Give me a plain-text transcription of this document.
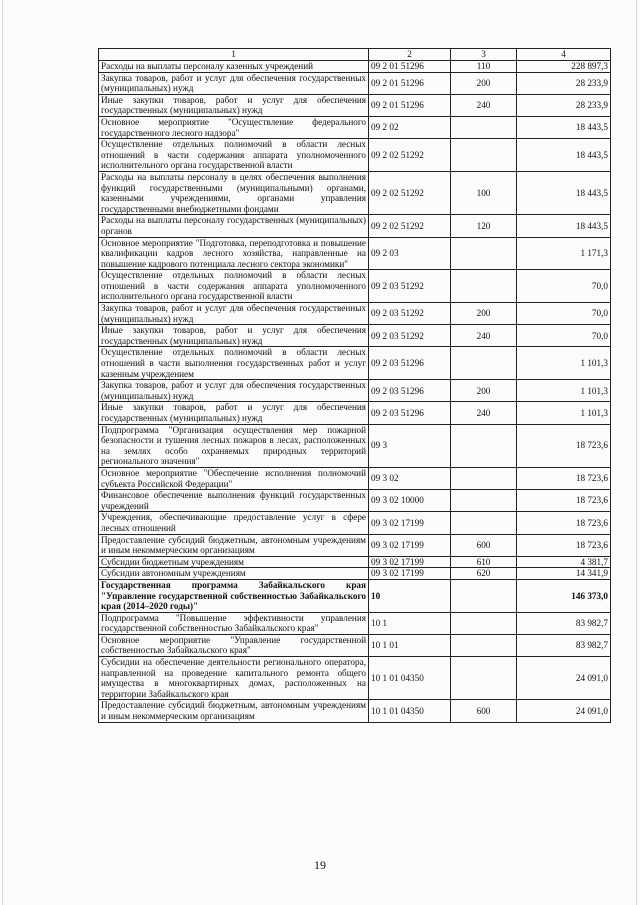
1	2	3	4
Расходы на выплаты персоналу казенных учреждений	09 2 01 51296	110	228 897,3
Закупка товаров, работ и услуг для обеспечения государственных (муниципальных) нужд	09 2 01 51296	200	28 233,9
Иные закупки товаров, работ и услуг для обеспечения государственных (муниципальных) нужд	09 2 01 51296	240	28 233,9
Основное мероприятие "Осуществление федерального государственного лесного надзора"	09 2 02		18 443,5
Осуществление отдельных полномочий в области лесных отношений в части содержания аппарата уполномоченного исполнительного органа государственной власти	09 2 02 51292		18 443,5
Расходы на выплаты персоналу в целях обеспечения выполнения функций государственными (муниципальными) органами, казенными учреждениями, органами управления государственными внебюджетными фондами	09 2 02 51292	100	18 443,5
Расходы на выплаты персоналу государственных (муниципальных) органов	09 2 02 51292	120	18 443,5
Основное мероприятие "Подготовка, переподготовка и повышение квалификации кадров лесного хозяйства, направленные на повышение кадрового потенциала лесного сектора экономики"	09 2 03		1 171,3
Осуществление отдельных полномочий в области лесных отношений в части содержания аппарата уполномоченного исполнительного органа государственной власти	09 2 03 51292		70,0
Закупка товаров, работ и услуг для обеспечения государственных (муниципальных) нужд	09 2 03 51292	200	70,0
Иные закупки товаров, работ и услуг для обеспечения государственных (муниципальных) нужд	09 2 03 51292	240	70,0
Осуществление отдельных полномочий в области лесных отношений в части выполнения государственных работ и услуг казенным учреждением	09 2 03 51296		1 101,3
Закупка товаров, работ и услуг для обеспечения государственных (муниципальных) нужд	09 2 03 51296	200	1 101,3
Иные закупки товаров, работ и услуг для обеспечения государственных (муниципальных) нужд	09 2 03 51296	240	1 101,3
Подпрограмма "Организация осуществления мер пожарной безопасности и тушения лесных пожаров в лесах, расположенных на землях особо охраняемых природных территорий регионального значения"	09 3		18 723,6
Основное мероприятие "Обеспечение исполнения полномочий субъекта Российской Федерации"	09 3 02		18 723,6
Финансовое обеспечение выполнения функций государственных учреждений	09 3 02 10000		18 723,6
Учреждения, обеспечивающие предоставление услуг в сфере лесных отношений	09 3 02 17199		18 723,6
Предоставление субсидий бюджетным, автономным учреждениям и иным некоммерческим организациям	09 3 02 17199	600	18 723,6
Субсидии бюджетным учреждениям	09 3 02 17199	610	4 381,7
Субсидии автономным учреждениям	09 3 02 17199	620	14 341,9
Государственная программа Забайкальского края "Управление государственной собственностью Забайкальского края (2014–2020 годы)"	10		146 373,0
Подпрограмма "Повышение эффективности управления государственной собственностью Забайкальского края"	10 1		83 982,7
Основное мероприятие "Управление государственной собственностью Забайкальского края"	10 1 01		83 982,7
Субсидии на обеспечение деятельности регионального оператора, направленной на проведение капитального ремонта общего имущества в многоквартирных домах, расположенных на территории Забайкальского края	10 1 01 04350		24 091,0
Предоставление субсидий бюджетным, автономным учреждениям и иным некоммерческим организациям	10 1 01 04350	600	24 091,0
19
